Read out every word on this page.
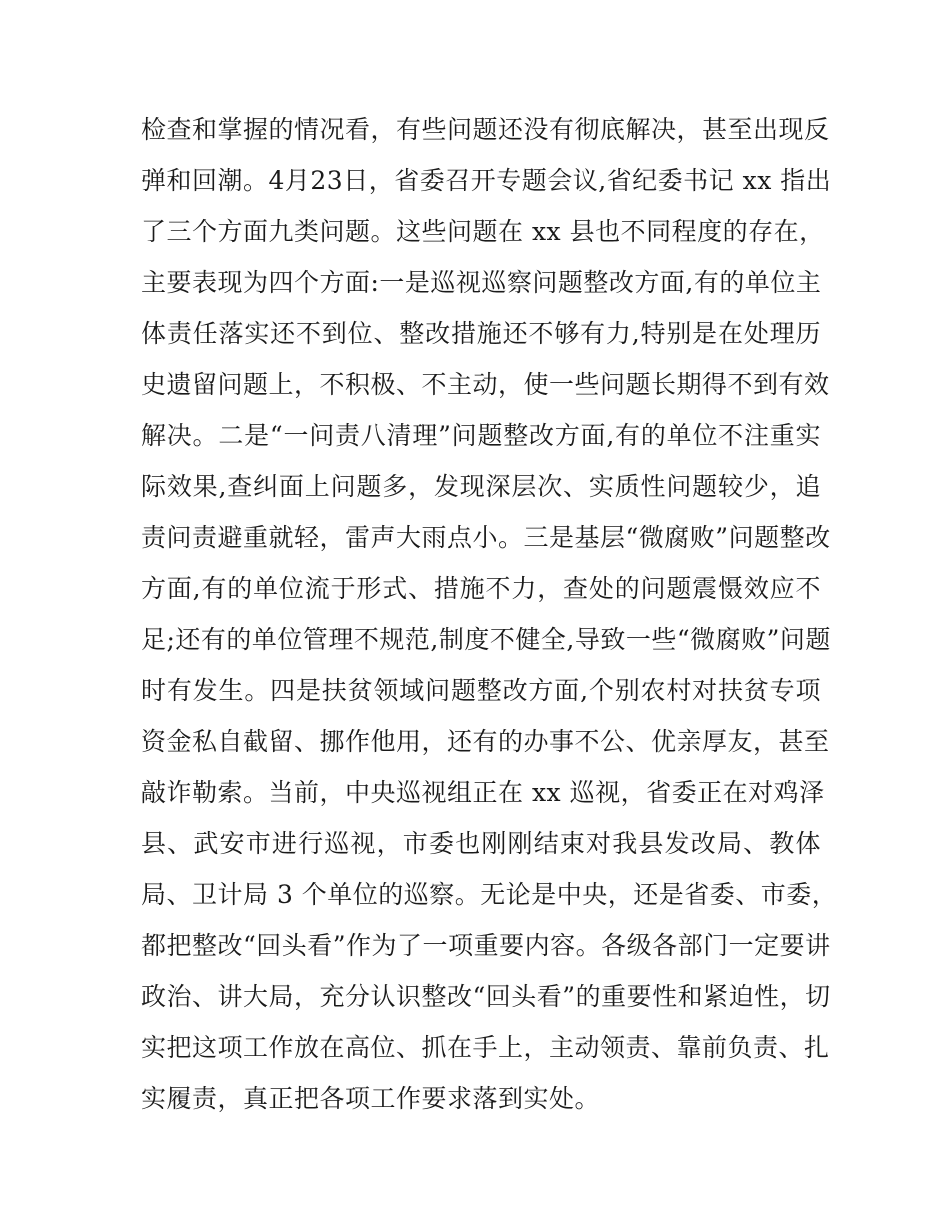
检查和掌握的情况看，有些问题还没有彻底解决，甚至出现反
弹和回潮。4月23日，省委召开专题会议,省纪委书记 xx 指出
了三个方面九类问题。这些问题在 xx 县也不同程度的存在，
主要表现为四个方面:一是巡视巡察问题整改方面,有的单位主
体责任落实还不到位、整改措施还不够有力,特别是在处理历
史遗留问题上，不积极、不主动，使一些问题长期得不到有效
解决。二是“一问责八清理”问题整改方面,有的单位不注重实
际效果,查纠面上问题多，发现深层次、实质性问题较少，追
责问责避重就轻，雷声大雨点小。三是基层“微腐败”问题整改
方面,有的单位流于形式、措施不力，查处的问题震慑效应不
足;还有的单位管理不规范,制度不健全,导致一些“微腐败”问题
时有发生。四是扶贫领域问题整改方面,个别农村对扶贫专项
资金私自截留、挪作他用，还有的办事不公、优亲厚友，甚至
敲诈勒索。当前，中央巡视组正在 xx 巡视，省委正在对鸡泽
县、武安市进行巡视，市委也刚刚结束对我县发改局、教体
局、卫计局 3 个单位的巡察。无论是中央，还是省委、市委，
都把整改“回头看”作为了一项重要内容。各级各部门一定要讲
政治、讲大局，充分认识整改“回头看”的重要性和紧迫性，切
实把这项工作放在高位、抓在手上，主动领责、靠前负责、扎
实履责，真正把各项工作要求落到实处。
